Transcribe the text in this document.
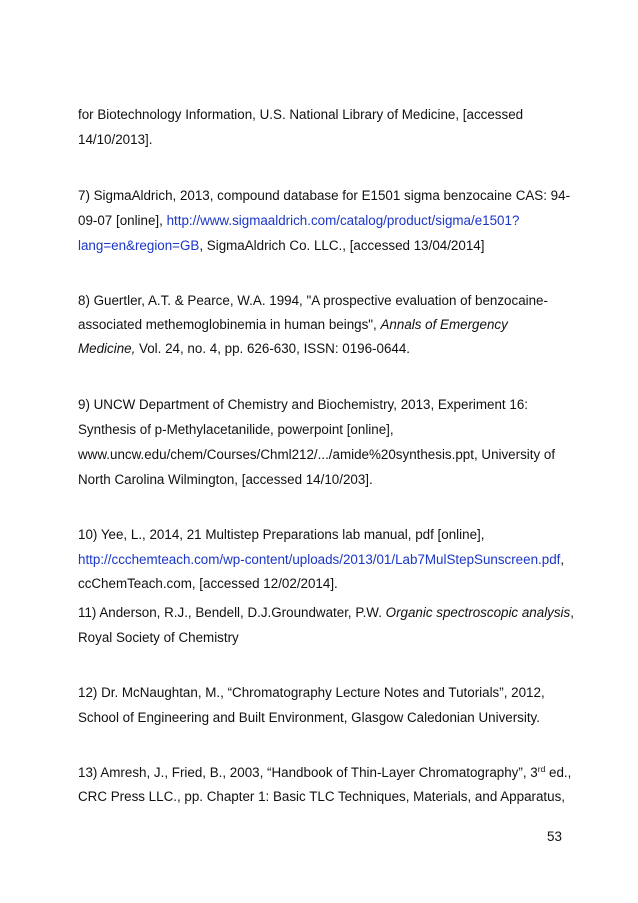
for Biotechnology Information, U.S. National Library of Medicine, [accessed
14/10/2013].
7) SigmaAldrich, 2013, compound database for E1501 sigma benzocaine CAS: 94-
09-07 [online], http://www.sigmaaldrich.com/catalog/product/sigma/e1501?
lang=en&region=GB, SigmaAldrich Co. LLC., [accessed 13/04/2014]
8) Guertler, A.T. & Pearce, W.A. 1994, "A prospective evaluation of benzocaine-
associated methemoglobinemia in human beings", Annals of Emergency
Medicine, Vol. 24, no. 4, pp. 626-630, ISSN: 0196-0644.
9) UNCW Department of Chemistry and Biochemistry, 2013, Experiment 16:
Synthesis of p-Methylacetanilide, powerpoint [online],
www.uncw.edu/chem/Courses/Chml212/.../amide%20synthesis.ppt, University of
North Carolina Wilmington, [accessed 14/10/203].
10) Yee, L., 2014, 21 Multistep Preparations lab manual, pdf [online],
http://ccchemteach.com/wp-content/uploads/2013/01/Lab7MulStepSunscreen.pdf,
ccChemTeach.com, [accessed 12/02/2014].
11) Anderson, R.J., Bendell, D.J.Groundwater, P.W. Organic spectroscopic analysis,
Royal Society of Chemistry
12) Dr. McNaughtan, M., “Chromatography Lecture Notes and Tutorials”, 2012,
School of Engineering and Built Environment, Glasgow Caledonian University.
13) Amresh, J., Fried, B., 2003, “Handbook of Thin-Layer Chromatography”, 3rd ed.,
CRC Press LLC., pp. Chapter 1: Basic TLC Techniques, Materials, and Apparatus,
53
